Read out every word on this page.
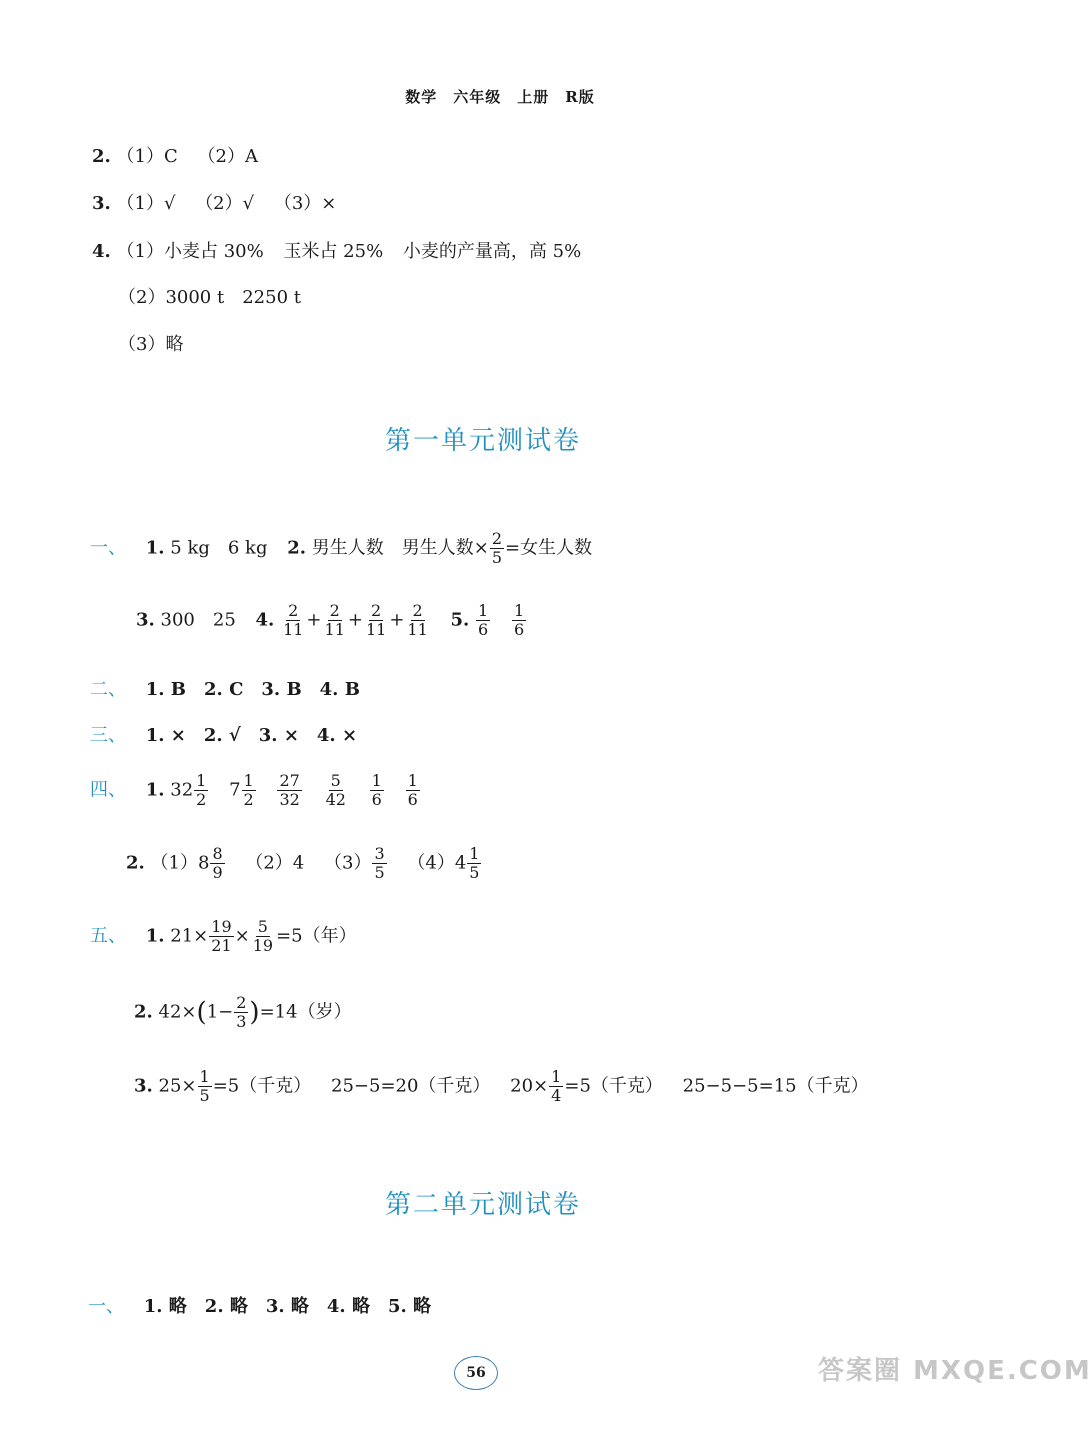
数学　六年级　上册　R版
2. （1）C （2）A
3. （1）√ （2）√ （3）×
4. （1）小麦占 30% 玉米占 25% 小麦的产量高，高 5%
（2）3000 t　2250 t
（3）略
第一单元测试卷
一、 1. 5 kg　6 kg 2. 男生人数　男生人数× $\frac{2}{5}$ =女生人数
3. 300　25 4. $\frac{2}{11} + \frac{2}{11} + \frac{2}{11} + \frac{2}{11} 5$. $\frac{1}{6}$
$\frac{1}{6}$
二、 1. B　2. C　3. B　4. B
三、 1. ×　2. √　3. ×　4. ×
四、 1. $32 \frac{1}{2} 7 \frac{1}{2}$
$\frac{27}{32}$
$\frac{5}{42}$
$\frac{1}{6}$
$\frac{1}{6}$
2. $(1)8 \frac{8}{9} (2)4$ $(3) \frac{3}{5} (4)4 \frac{1}{5}$
五、 1. $21\times \frac{19}{21} \times \frac{5}{19} =5$（年）
2. $42\times(1- \frac{2}{3} )=14$（岁）
3. $25\times \frac{1}{5} =5$（千克） 25−5=20（千克） $20\times \frac{1}{4} =5$（千克） 25−5−5=15（千克）
第二单元测试卷
一、 1. 略　2. 略　3. 略　4. 略　5. 略
56	答案圈 MXQE.COM
